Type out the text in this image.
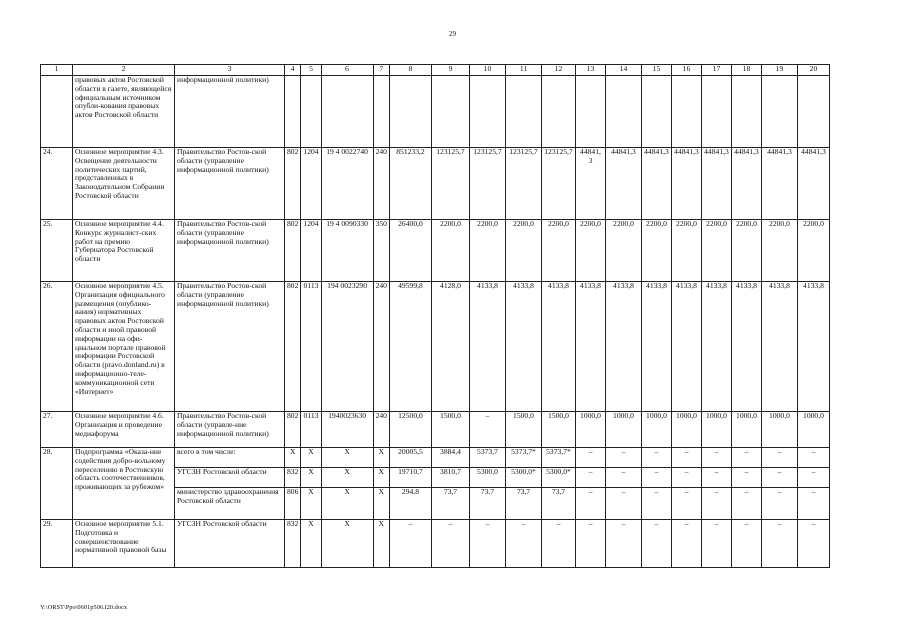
29
1	2	3	4	5	6	7	8	9	10	11	12	13	14	15	16	17	18	19	20
	правовых актов Ростовской области в газете, являющейся официальным источником опубли-кования правовых актов Ростовской области	информационной политики)																	
24.	Основное мероприятие 4.3. Освещение деятельности политических партий, представленных в Законодательном Собрании Ростовской области	Правительство Ростов-ской области (управление информационной политики)	802	1204	19 4 0022740	240	851233,2	123125,7	123125,7	123125,7	123125,7	44841, 3	44841,3	44841,3	44841,3	44841,3	44841,3	44841,3	44841,3
25.	Основное мероприятие 4.4. Конкурс журналист-ских работ на премию Губернатора Ростовской области	Правительство Ростов-ской области (управление информационной политики)	802	1204	19 4 0090330	350	26400,0	2200,0	2200,0	2200,0	2200,0	2200,0	2200,0	2200,0	2200,0	2200,0	2200,0	2200,0	2200,0
26.	Основное мероприятие 4.5. Организация официального размещения (опублико-вания) нормативных правовых актов Ростовской области и иной правовой информации на офи-циальном портале правовой информации Ростовской области (pravo.donland.ru) в информационно-теле-коммуникационной сети «Интернет»	Правительство Ростов-ской области (управление информационной политики)	802	0113	194 0023290	240	49599,8	4128,0	4133,8	4133,8	4133,8	4133,8	4133,8	4133,8	4133,8	4133,8	4133,8	4133,8	4133,8
27.	Основное мероприятие 4.6. Организация и проведение медиафорума	Правительство Ростов-ской области (управле-ние информационной политики)	802	0113	1940023630	240	12500,0	1500,0	–	1500,0	1500,0	1000,0	1000,0	1000,0	1000,0	1000,0	1000,0	1000,0	1000,0
28.	Подпрограмма «Оказа-ние содействия добро-вольному переселению в Ростовскую область соотечественников, проживающих за рубежом»	всего в том числе:	X	X	X	X	20005,5	3884,4	5373,7	5373,7*	5373,7*	–	–	–	–	–	–	–	–
		УГСЗН Ростовской области	832	X	X	X	19710,7	3810,7	5300,0	5300,0*	5300,0*	–	–	–	–	–	–	–	–
		министерство здравоохранения Ростовской области	806	X	X	X	294,8	73,7	73,7	73,7	73,7	–	–	–	–	–	–	–	–
29.	Основное мероприятие 5.1. Подготовка и совершенствование нормативной правовой базы	УГСЗН Ростовской области	832	X	X	X	–	–	–	–	–	–	–	–	–	–	–	–	–
Y:\ORST\Ppo\0601p506.f20.docx
